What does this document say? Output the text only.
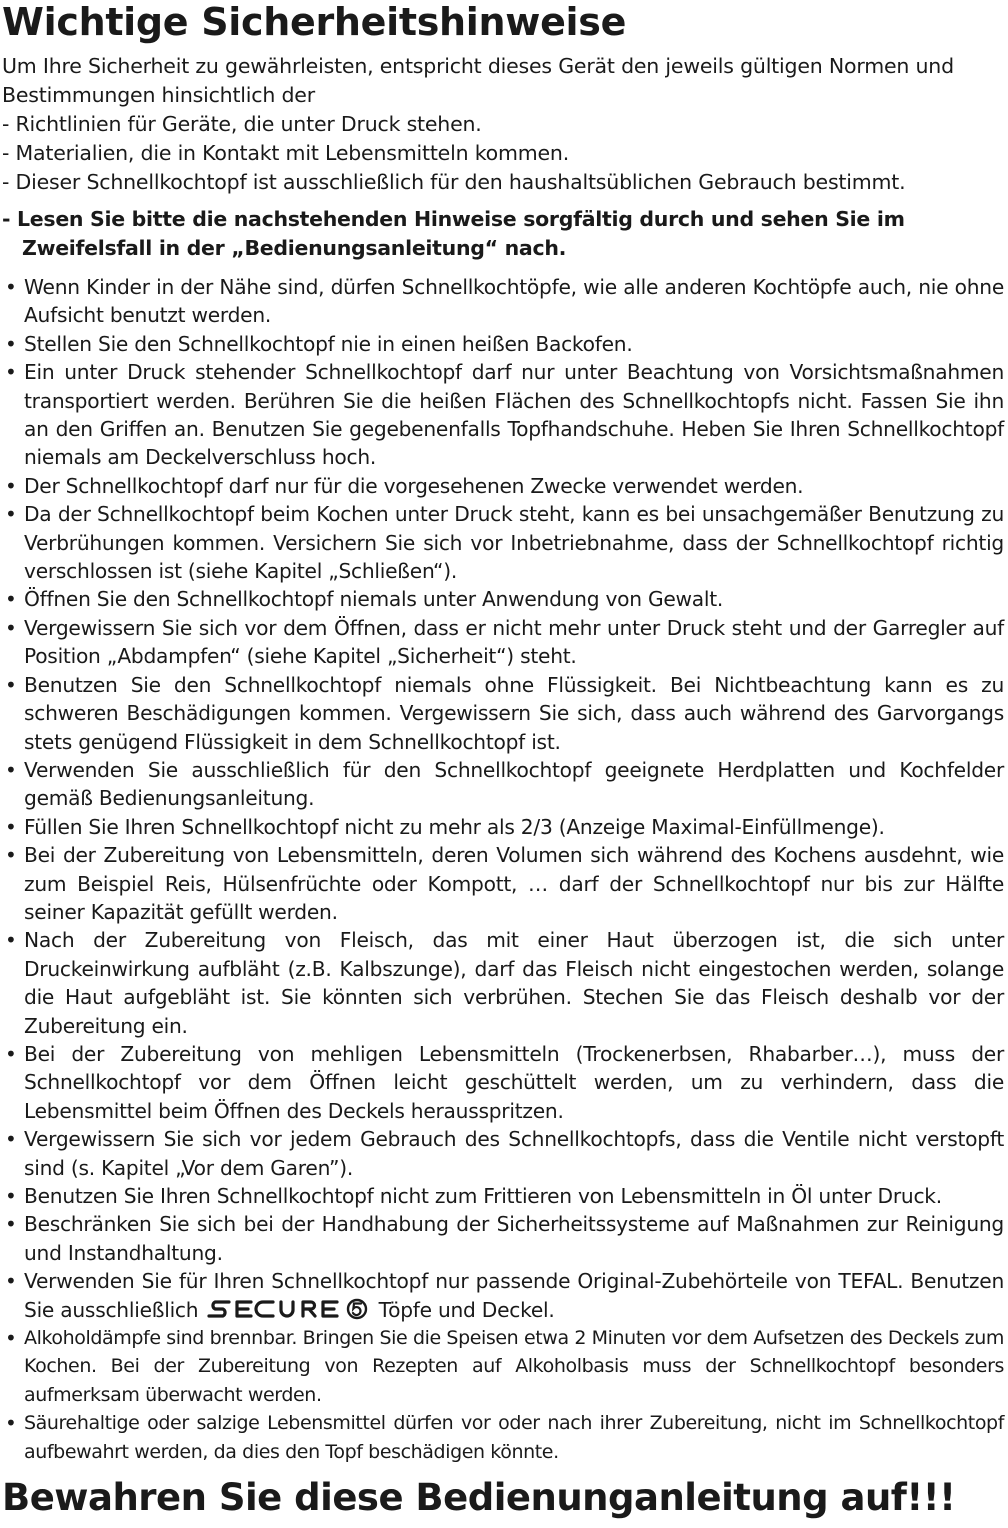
Wichtige Sicherheitshinweise

Um Ihre Sicherheit zu gewährleisten, entspricht dieses Gerät den jeweils gültigen Normen und Bestimmungen hinsichtlich der

- Richtlinien für Geräte, die unter Druck stehen.
- Materialien, die in Kontakt mit Lebensmitteln kommen.
- Dieser Schnellkochtopf ist ausschließlich für den haushaltsüblichen Gebrauch bestimmt.
- Lesen Sie bitte die nachstehenden Hinweise sorgfältig durch und sehen Sie im Zweifelsfall in der „Bedienungsanleitung“ nach.
• Wenn Kinder in der Nähe sind, dürfen Schnellkochtöpfe, wie alle anderen Kochtöpfe auch, nie ohne Aufsicht benutzt werden.
• Stellen Sie den Schnellkochtopf nie in einen heißen Backofen.
• Ein unter Druck stehender Schnellkochtopf darf nur unter Beachtung von Vorsichtsmaßnahmen transportiert werden. Berühren Sie die heißen Flächen des Schnellkochtopfs nicht. Fassen Sie ihn an den Griffen an. Benutzen Sie gegebenenfalls Topfhandschuhe. Heben Sie Ihren Schnellkochtopf niemals am Deckelverschluss hoch.
• Der Schnellkochtopf darf nur für die vorgesehenen Zwecke verwendet werden.
• Da der Schnellkochtopf beim Kochen unter Druck steht, kann es bei unsachgemäßer Benutzung zu Verbrühungen kommen. Versichern Sie sich vor Inbetriebnahme, dass der Schnellkochtopf richtig verschlossen ist (siehe Kapitel „Schließen“).
• Öffnen Sie den Schnellkochtopf niemals unter Anwendung von Gewalt.
• Vergewissern Sie sich vor dem Öffnen, dass er nicht mehr unter Druck steht und der Garregler auf Position „Abdampfen“ (siehe Kapitel „Sicherheit“) steht.
• Benutzen Sie den Schnellkochtopf niemals ohne Flüssigkeit. Bei Nichtbeachtung kann es zu schweren Beschädigungen kommen. Vergewissern Sie sich, dass auch während des Garvorgangs stets genügend Flüssigkeit in dem Schnellkochtopf ist.
• Verwenden Sie ausschließlich für den Schnellkochtopf geeignete Herdplatten und Kochfelder gemäß Bedienungsanleitung.
• Füllen Sie Ihren Schnellkochtopf nicht zu mehr als 2/3 (Anzeige Maximal-Einfüllmenge).
• Bei der Zubereitung von Lebensmitteln, deren Volumen sich während des Kochens ausdehnt, wie zum Beispiel Reis, Hülsenfrüchte oder Kompott, … darf der Schnellkochtopf nur bis zur Hälfte seiner Kapazität gefüllt werden.
• Nach der Zubereitung von Fleisch, das mit einer Haut überzogen ist, die sich unter Druckeinwirkung aufbläht (z.B. Kalbszunge), darf das Fleisch nicht eingestochen werden, solange die Haut aufgebläht ist. Sie könnten sich verbrühen. Stechen Sie das Fleisch deshalb vor der Zubereitung ein.
• Bei der Zubereitung von mehligen Lebensmitteln (Trockenerbsen, Rhabarber…), muss der Schnellkochtopf vor dem Öffnen leicht geschüttelt werden, um zu verhindern, dass die Lebensmittel beim Öffnen des Deckels herausspritzen.
• Vergewissern Sie sich vor jedem Gebrauch des Schnellkochtopfs, dass die Ventile nicht verstopft sind (s. Kapitel „Vor dem Garen”).
• Benutzen Sie Ihren Schnellkochtopf nicht zum Frittieren von Lebensmitteln in Öl unter Druck.
• Beschränken Sie sich bei der Handhabung der Sicherheitssysteme auf Maßnahmen zur Reinigung und Instandhaltung.
• Verwenden Sie für Ihren Schnellkochtopf nur passende Original-Zubehörteile von TEFAL. Benutzen Sie ausschließlich	Töpfe und Deckel.
• Alkoholdämpfe sind brennbar. Bringen Sie die Speisen etwa 2 Minuten vor dem Aufsetzen des Deckels zum Kochen. Bei der Zubereitung von Rezepten auf Alkoholbasis muss der Schnellkochtopf besonders aufmerksam überwacht werden.
• Säurehaltige oder salzige Lebensmittel dürfen vor oder nach ihrer Zubereitung, nicht im Schnellkochtopf aufbewahrt werden, da dies den Topf beschädigen könnte.
Bewahren Sie diese Bedienunganleitung auf!!!
